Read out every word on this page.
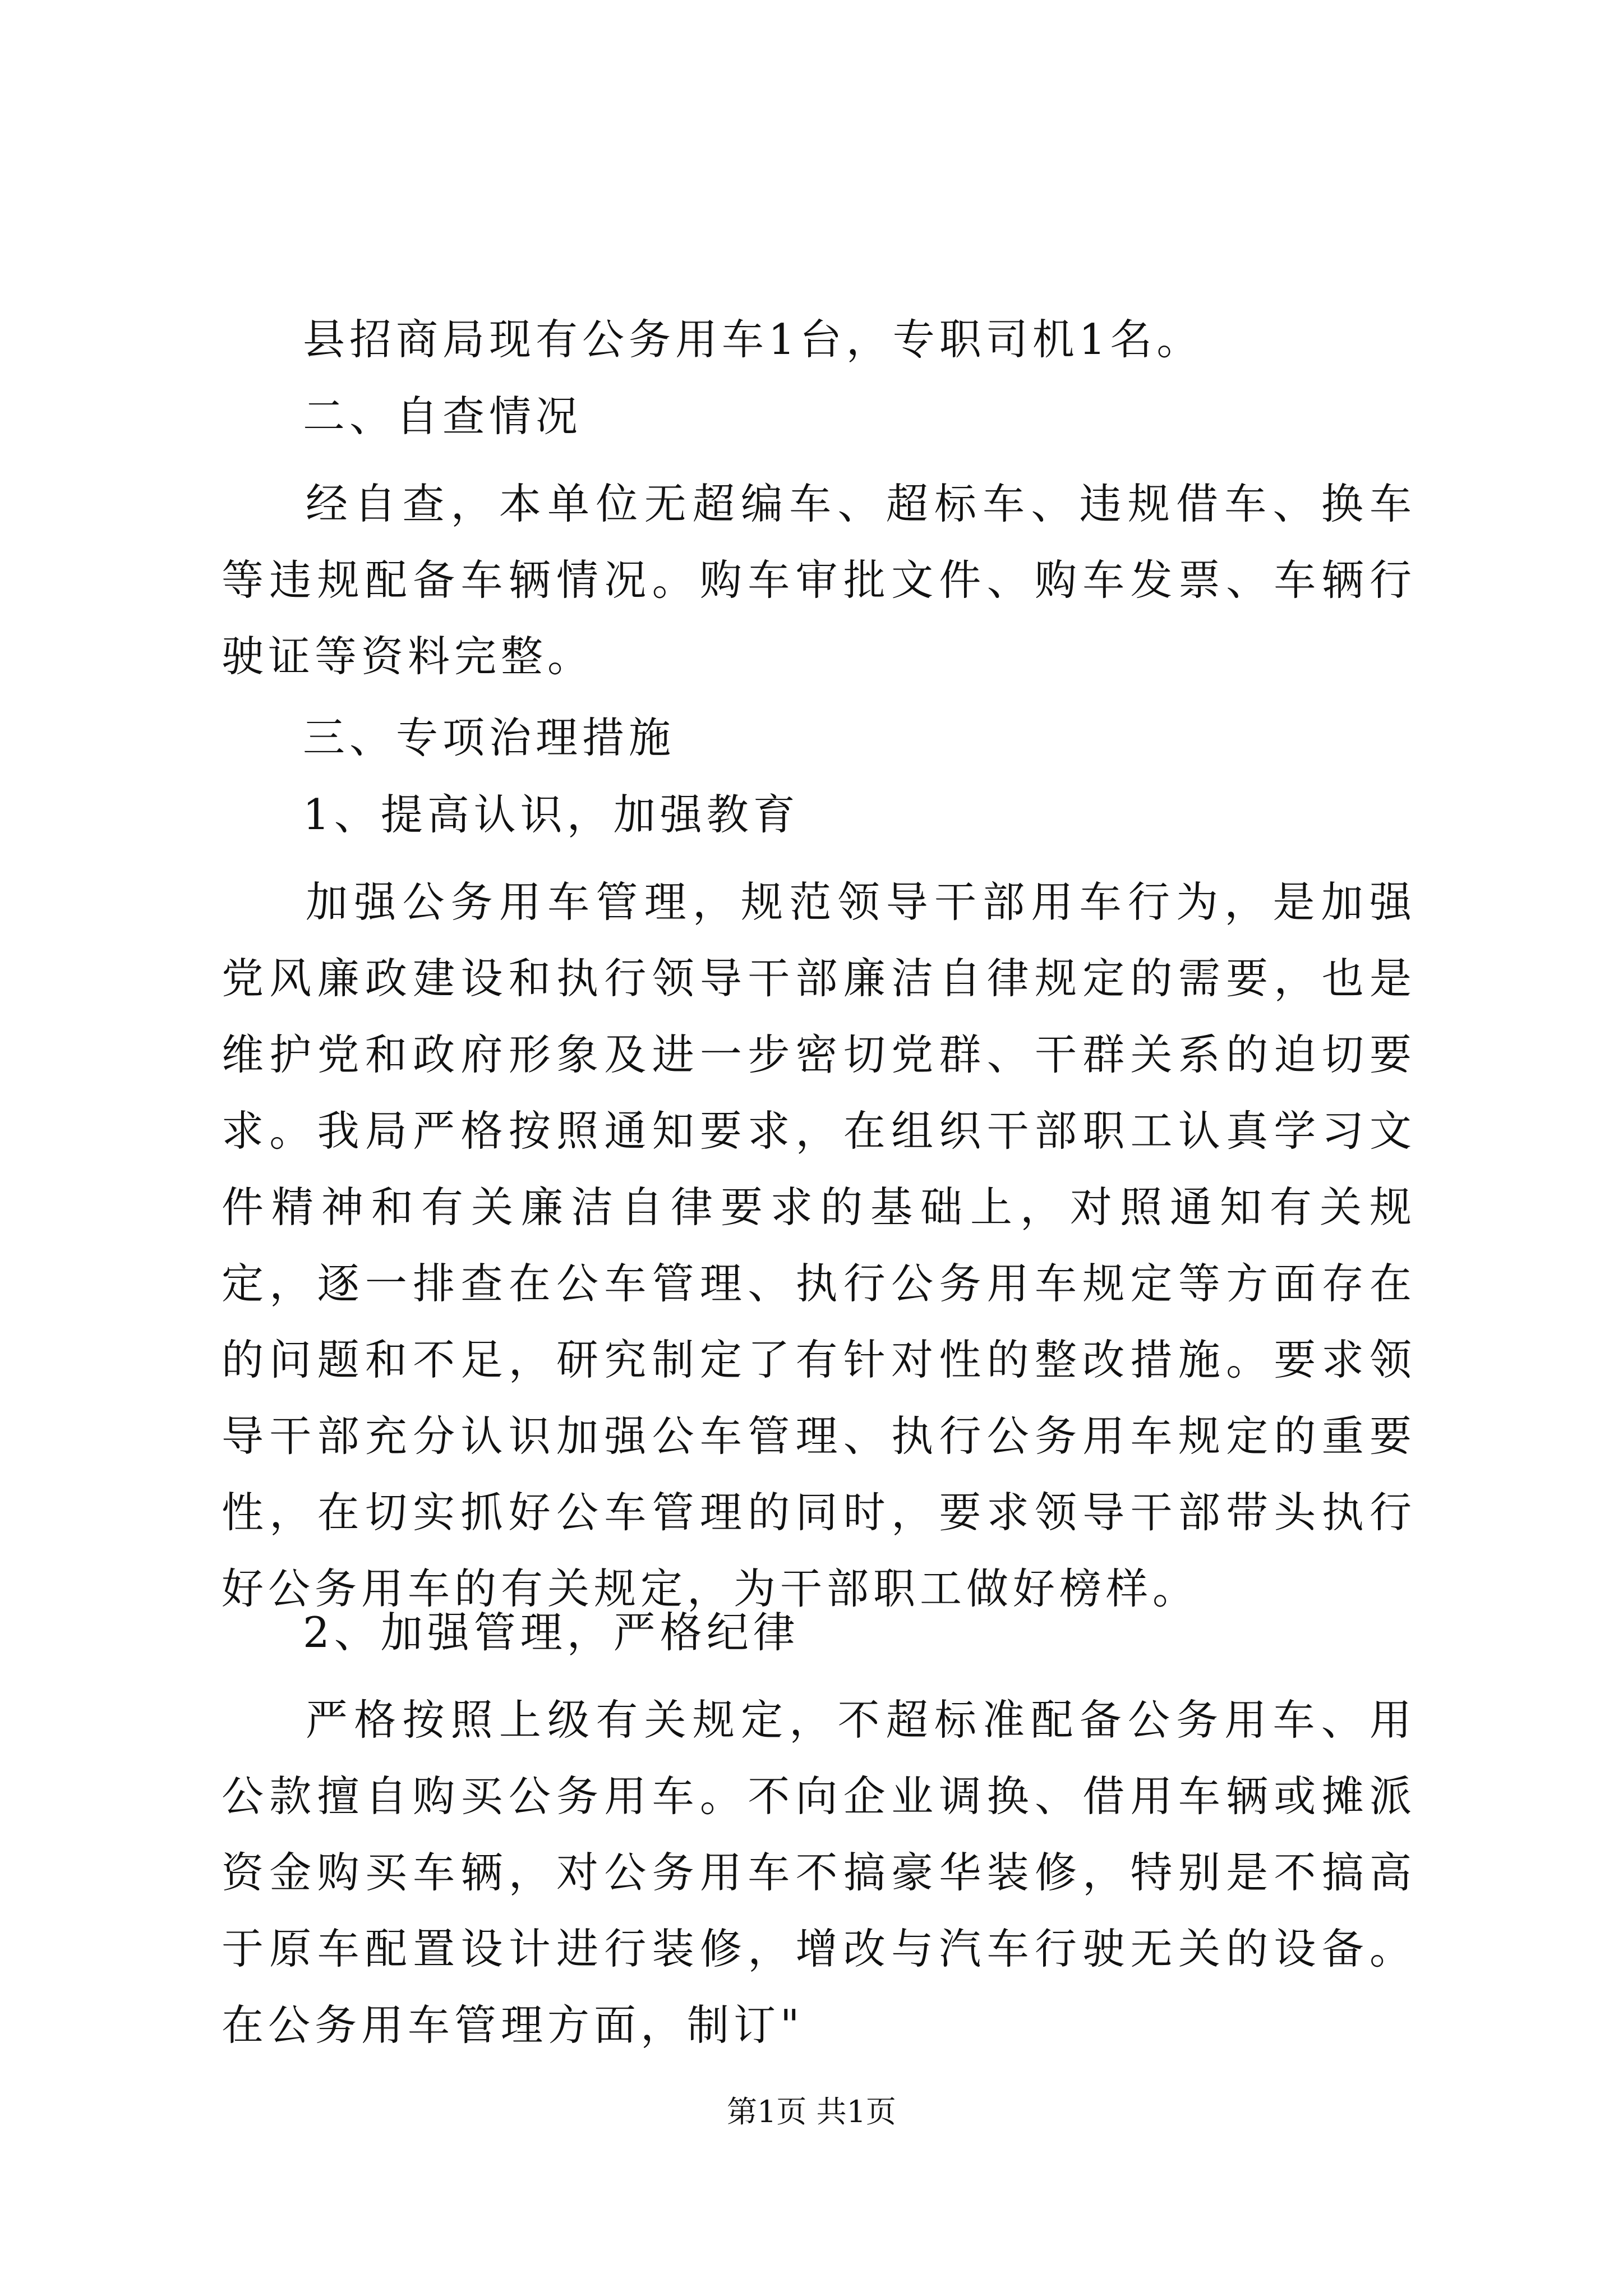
县招商局现有公务用车1台，专职司机1名。
二、自查情况
经自查，本单位无超编车、超标车、违规借车、换车等违规配备车辆情况。购车审批文件、购车发票、车辆行驶证等资料完整。
三、专项治理措施
1、提高认识，加强教育
加强公务用车管理，规范领导干部用车行为，是加强党风廉政建设和执行领导干部廉洁自律规定的需要，也是维护党和政府形象及进一步密切党群、干群关系的迫切要求。我局严格按照通知要求，在组织干部职工认真学习文件精神和有关廉洁自律要求的基础上，对照通知有关规定，逐一排查在公车管理、执行公务用车规定等方面存在的问题和不足，研究制定了有针对性的整改措施。要求领导干部充分认识加强公车管理、执行公务用车规定的重要性，在切实抓好公车管理的同时，要求领导干部带头执行好公务用车的有关规定，为干部职工做好榜样。
2、加强管理，严格纪律
严格按照上级有关规定，不超标准配备公务用车、用公款擅自购买公务用车。不向企业调换、借用车辆或摊派资金购买车辆，对公务用车不搞豪华装修，特别是不搞高于原车配置设计进行装修，增改与汽车行驶无关的设备。在公务用车管理方面，制订"
第1页 共1页
